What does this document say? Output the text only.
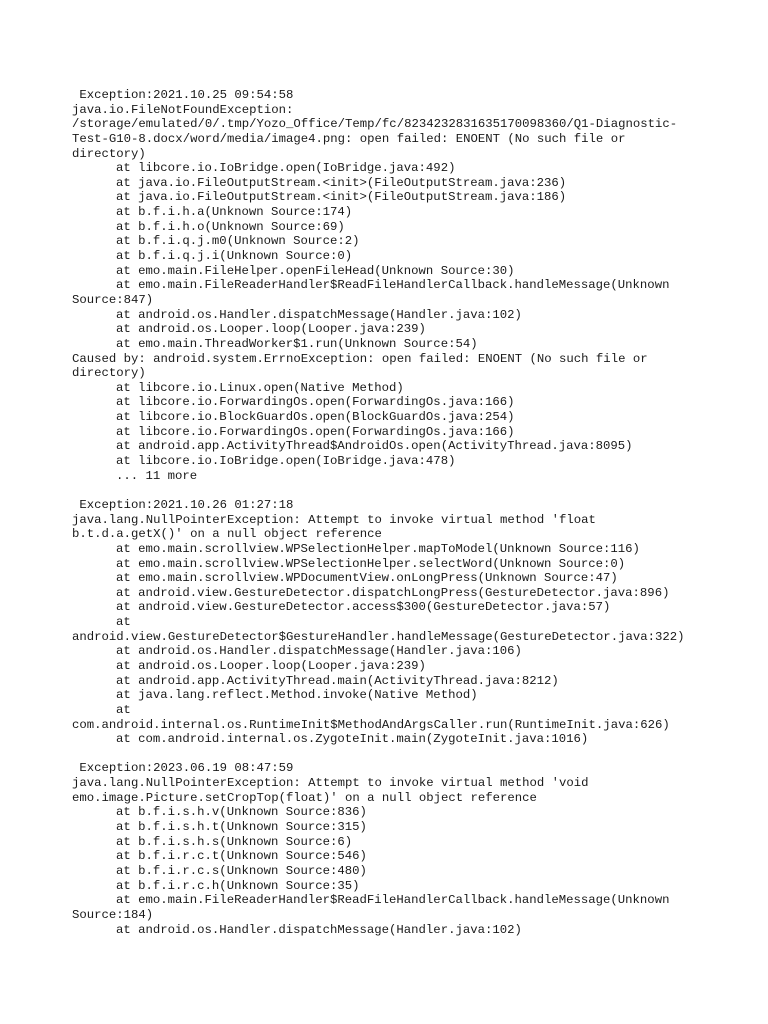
Exception:2021.10.25 09:54:58
java.io.FileNotFoundException:
/storage/emulated/0/.tmp/Yozo_Office/Temp/fc/8234232831635170098360/Q1-Diagnostic-
Test-G10-8.docx/word/media/image4.png: open failed: ENOENT (No such file or
directory)
at libcore.io.IoBridge.open(IoBridge.java:492)
at java.io.FileOutputStream.<init>(FileOutputStream.java:236)
at java.io.FileOutputStream.<init>(FileOutputStream.java:186)
at b.f.i.h.a(Unknown Source:174)
at b.f.i.h.o(Unknown Source:69)
at b.f.i.q.j.m0(Unknown Source:2)
at b.f.i.q.j.i(Unknown Source:0)
at emo.main.FileHelper.openFileHead(Unknown Source:30)
at emo.main.FileReaderHandler$ReadFileHandlerCallback.handleMessage(Unknown
Source:847)
at android.os.Handler.dispatchMessage(Handler.java:102)
at android.os.Looper.loop(Looper.java:239)
at emo.main.ThreadWorker$1.run(Unknown Source:54)
Caused by: android.system.ErrnoException: open failed: ENOENT (No such file or
directory)
at libcore.io.Linux.open(Native Method)
at libcore.io.ForwardingOs.open(ForwardingOs.java:166)
at libcore.io.BlockGuardOs.open(BlockGuardOs.java:254)
at libcore.io.ForwardingOs.open(ForwardingOs.java:166)
at android.app.ActivityThread$AndroidOs.open(ActivityThread.java:8095)
at libcore.io.IoBridge.open(IoBridge.java:478)
... 11 more
Exception:2021.10.26 01:27:18
java.lang.NullPointerException: Attempt to invoke virtual method 'float
b.t.d.a.getX()' on a null object reference
at emo.main.scrollview.WPSelectionHelper.mapToModel(Unknown Source:116)
at emo.main.scrollview.WPSelectionHelper.selectWord(Unknown Source:0)
at emo.main.scrollview.WPDocumentView.onLongPress(Unknown Source:47)
at android.view.GestureDetector.dispatchLongPress(GestureDetector.java:896)
at android.view.GestureDetector.access$300(GestureDetector.java:57)
at
android.view.GestureDetector$GestureHandler.handleMessage(GestureDetector.java:322)
at android.os.Handler.dispatchMessage(Handler.java:106)
at android.os.Looper.loop(Looper.java:239)
at android.app.ActivityThread.main(ActivityThread.java:8212)
at java.lang.reflect.Method.invoke(Native Method)
at
com.android.internal.os.RuntimeInit$MethodAndArgsCaller.run(RuntimeInit.java:626)
at com.android.internal.os.ZygoteInit.main(ZygoteInit.java:1016)
Exception:2023.06.19 08:47:59
java.lang.NullPointerException: Attempt to invoke virtual method 'void
emo.image.Picture.setCropTop(float)' on a null object reference
at b.f.i.s.h.v(Unknown Source:836)
at b.f.i.s.h.t(Unknown Source:315)
at b.f.i.s.h.s(Unknown Source:6)
at b.f.i.r.c.t(Unknown Source:546)
at b.f.i.r.c.s(Unknown Source:480)
at b.f.i.r.c.h(Unknown Source:35)
at emo.main.FileReaderHandler$ReadFileHandlerCallback.handleMessage(Unknown
Source:184)
at android.os.Handler.dispatchMessage(Handler.java:102)
